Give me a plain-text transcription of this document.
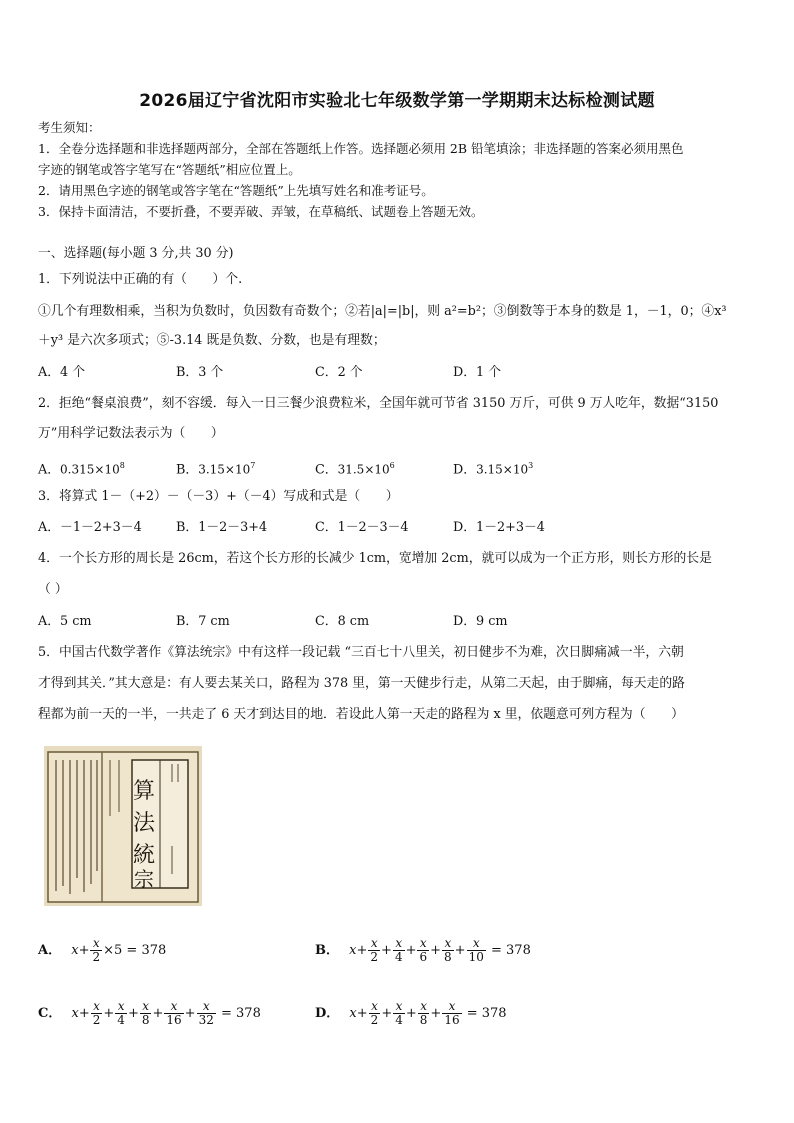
2026届辽宁省沈阳市实验北七年级数学第一学期期末达标检测试题
考生须知：
1．全卷分选择题和非选择题两部分，全部在答题纸上作答。选择题必须用 2B 铅笔填涂；非选择题的答案必须用黑色
字迹的钢笔或答字笔写在“答题纸”相应位置上。
2．请用黑色字迹的钢笔或答字笔在“答题纸”上先填写姓名和准考证号。
3．保持卡面清洁，不要折叠，不要弄破、弄皱，在草稿纸、试题卷上答题无效。
一、选择题(每小题 3 分,共 30 分)
1．下列说法中正确的有（　　）个.
①几个有理数相乘，当积为负数时，负因数有奇数个；②若|a|=|b|，则 a²=b²；③倒数等于本身的数是 1，－1，0；④x³
＋y³ 是六次多项式；⑤-3.14 既是负数、分数，也是有理数；
A．4 个	B．3 个	C．2 个	D．1 个
2．拒绝“餐桌浪费”，刻不容缓．每入一日三餐少浪费粒米，全国年就可节省 3150 万斤，可供 9 万人吃年，数据“3150
万”用科学记数法表示为（　　）
A．$0.315\times 10^8$	B．$3.15\times 10^7$	C．$31.5\times 10^6$	D．$3.15\times 10^3$
3．将算式 1－（+2）－（－3）+（－4）写成和式是（　　）
A．－1－2+3－4	B．1－2－3+4	C．1－2－3－4	D．1－2+3－4
4．一个长方形的周长是 26cm，若这个长方形的长减少 1cm，宽增加 2cm，就可以成为一个正方形，则长方形的长是
（ ）
A．5 cm	B．7 cm	C．8 cm	D．9 cm
5．中国古代数学著作《算法统宗》中有这样一段记载 “三百七十八里关，初日健步不为难，次日脚痛减一半，六朝
才得到其关．”其大意是：有人要去某关口，路程为 378 里，第一天健步行走，从第二天起，由于脚痛，每天走的路
程都为前一天的一半，一共走了 6 天才到达目的地．若设此人第一天走的路程为 x 里，依题意可列方程为（　　）
算
法
統
宗
A． $x+ \frac{x}{2} \times 5 = 378$	B． $x+ \frac{x}{2} + \frac{x}{4} + \frac{x}{6} + \frac{x}{8} + \frac{x}{10} = 378$
C． $x+ \frac{x}{2} + \frac{x}{4} + \frac{x}{8} + \frac{x}{16} + \frac{x}{32} = 378$	D． $x+ \frac{x}{2} + \frac{x}{4} + \frac{x}{8} + \frac{x}{16} = 378$
